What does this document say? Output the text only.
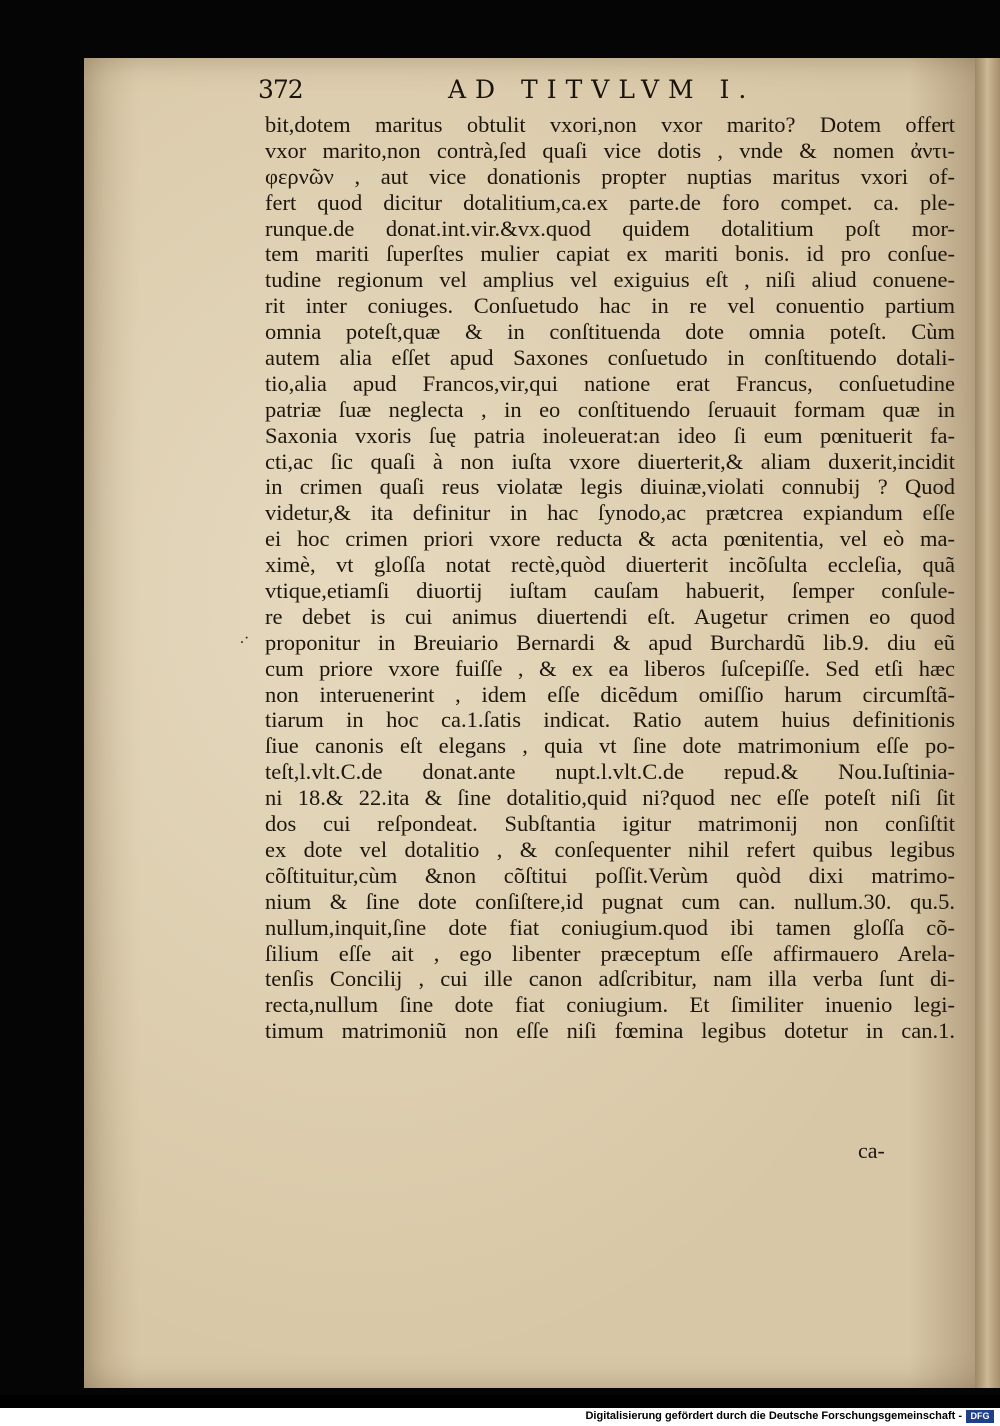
372	AD TITVLVM I.
bit,dotem maritus obtulit vxori,non vxor marito? Dotem offert
vxor marito,non contrà,ſed quaſi vice dotis , vnde & nomen ἀντι-
φερνῶν , aut vice donationis propter nuptias maritus vxori of-
fert quod dicitur dotalitium,ca.ex parte.de foro compet. ca. ple-
runque.de donat.int.vir.&vx.quod quidem dotalitium poſt mor-
tem mariti ſuperſtes mulier capiat ex mariti bonis. id pro conſue-
tudine regionum vel amplius vel exiguius eſt , niſi aliud conuene-
rit inter coniuges. Conſuetudo hac in re vel conuentio partium
omnia poteſt,quæ & in conſtituenda dote omnia poteſt. Cùm
autem alia eſſet apud Saxones conſuetudo in conſtituendo dotali-
tio,alia apud Francos,vir,qui natione erat Francus, conſuetudine
patriæ ſuæ neglecta , in eo conſtituendo ſeruauit formam quæ in
Saxonia vxoris ſuę patria inoleuerat:an ideo ſi eum pœnituerit fa-
cti,ac ſic quaſi à non iuſta vxore diuerterit,& aliam duxerit,incidit
in crimen quaſi reus violatæ legis diuinæ,violati connubij ? Quod
videtur,& ita definitur in hac ſynodo,ac prætcrea expiandum eſſe
ei hoc crimen priori vxore reducta & acta pœnitentia, vel eò ma-
ximè, vt gloſſa notat rectè,quòd diuerterit incõſulta eccleſia, quã
vtique,etiamſi diuortij iuſtam cauſam habuerit, ſemper conſule-
re debet is cui animus diuertendi eſt. Augetur crimen eo quod
proponitur in Breuiario Bernardi & apud Burchardũ lib.9. diu eũ
cum priore vxore fuiſſe , & ex ea liberos ſuſcepiſſe. Sed etſi hæc
non interuenerint , idem eſſe dicẽdum omiſſio harum circumſtã-
tiarum in hoc ca.1.ſatis indicat. Ratio autem huius definitionis
ſiue canonis eſt elegans , quia vt ſine dote matrimonium eſſe po-
teſt,l.vlt.C.de donat.ante nupt.l.vlt.C.de repud.& Nou.Iuſtinia-
ni 18.& 22.ita & ſine dotalitio,quid ni?quod nec eſſe poteſt niſi ſit
dos cui reſpondeat. Subſtantia igitur matrimonij non conſiſtit
ex dote vel dotalitio , & conſequenter nihil refert quibus legibus
cõſtituitur,cùm &non cõſtitui poſſit.Verùm quòd dixi matrimo-
nium & ſine dote conſiſtere,id pugnat cum can. nullum.30. qu.5.
nullum,inquit,ſine dote fiat coniugium.quod ibi tamen gloſſa cõ-
ſilium eſſe ait , ego libenter præceptum eſſe affirmauero Arela-
tenſis Concilij , cui ille canon adſcribitur, nam illa verba ſunt di-
recta,nullum ſine dote fiat coniugium. Et ſimiliter inuenio legi-
timum matrimoniũ non eſſe niſi fœmina legibus dotetur in can.1.
.·
ca-
Digitalisierung gefördert durch die Deutsche Forschungsgemeinschaft - DFG
